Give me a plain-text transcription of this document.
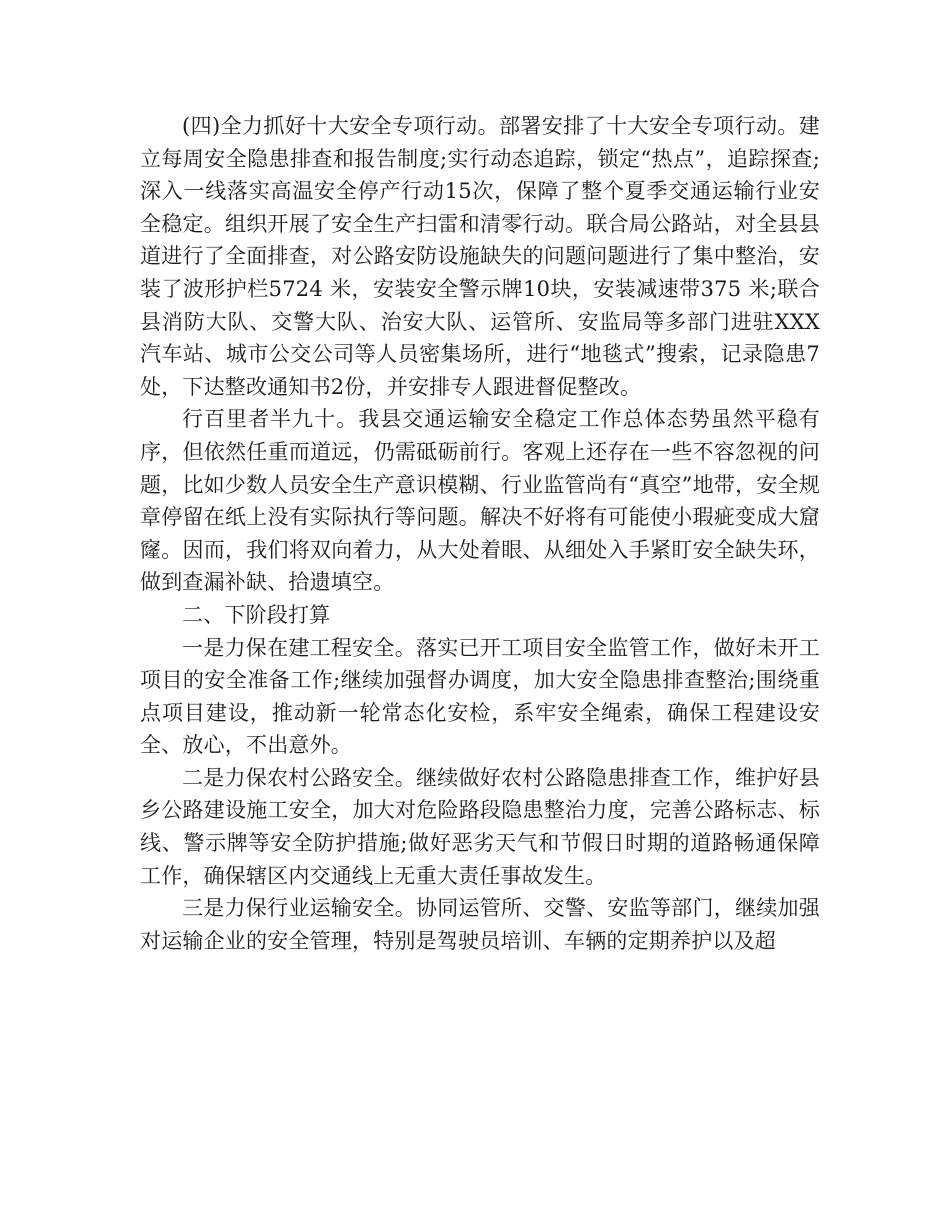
(四)全力抓好十大安全专项行动。部署安排了十大安全专项行动。建立每周安全隐患排查和报告制度;实行动态追踪，锁定“热点”，追踪探查;深入一线落实高温安全停产行动15次，保障了整个夏季交通运输行业安全稳定。组织开展了安全生产扫雷和清零行动。联合局公路站，对全县县道进行了全面排查，对公路安防设施缺失的问题问题进行了集中整治，安装了波形护栏5724 米，安装安全警示牌10块，安装减速带375 米;联合县消防大队、交警大队、治安大队、运管所、安监局等多部门进驻XXX汽车站、城市公交公司等人员密集场所，进行“地毯式”搜索，记录隐患7处，下达整改通知书2份，并安排专人跟进督促整改。

行百里者半九十。我县交通运输安全稳定工作总体态势虽然平稳有序，但依然任重而道远，仍需砥砺前行。客观上还存在一些不容忽视的问题，比如少数人员安全生产意识模糊、行业监管尚有“真空”地带，安全规章停留在纸上没有实际执行等问题。解决不好将有可能使小瑕疵变成大窟窿。因而，我们将双向着力，从大处着眼、从细处入手紧盯安全缺失环，做到查漏补缺、拾遗填空。

二、下阶段打算

一是力保在建工程安全。落实已开工项目安全监管工作，做好未开工项目的安全准备工作;继续加强督办调度，加大安全隐患排查整治;围绕重点项目建设，推动新一轮常态化安检，系牢安全绳索，确保工程建设安全、放心，不出意外。

二是力保农村公路安全。继续做好农村公路隐患排查工作，维护好县乡公路建设施工安全，加大对危险路段隐患整治力度，完善公路标志、标线、警示牌等安全防护措施;做好恶劣天气和节假日时期的道路畅通保障工作，确保辖区内交通线上无重大责任事故发生。

三是力保行业运输安全。协同运管所、交警、安监等部门，继续加强对运输企业的安全管理，特别是驾驶员培训、车辆的定期养护以及超
